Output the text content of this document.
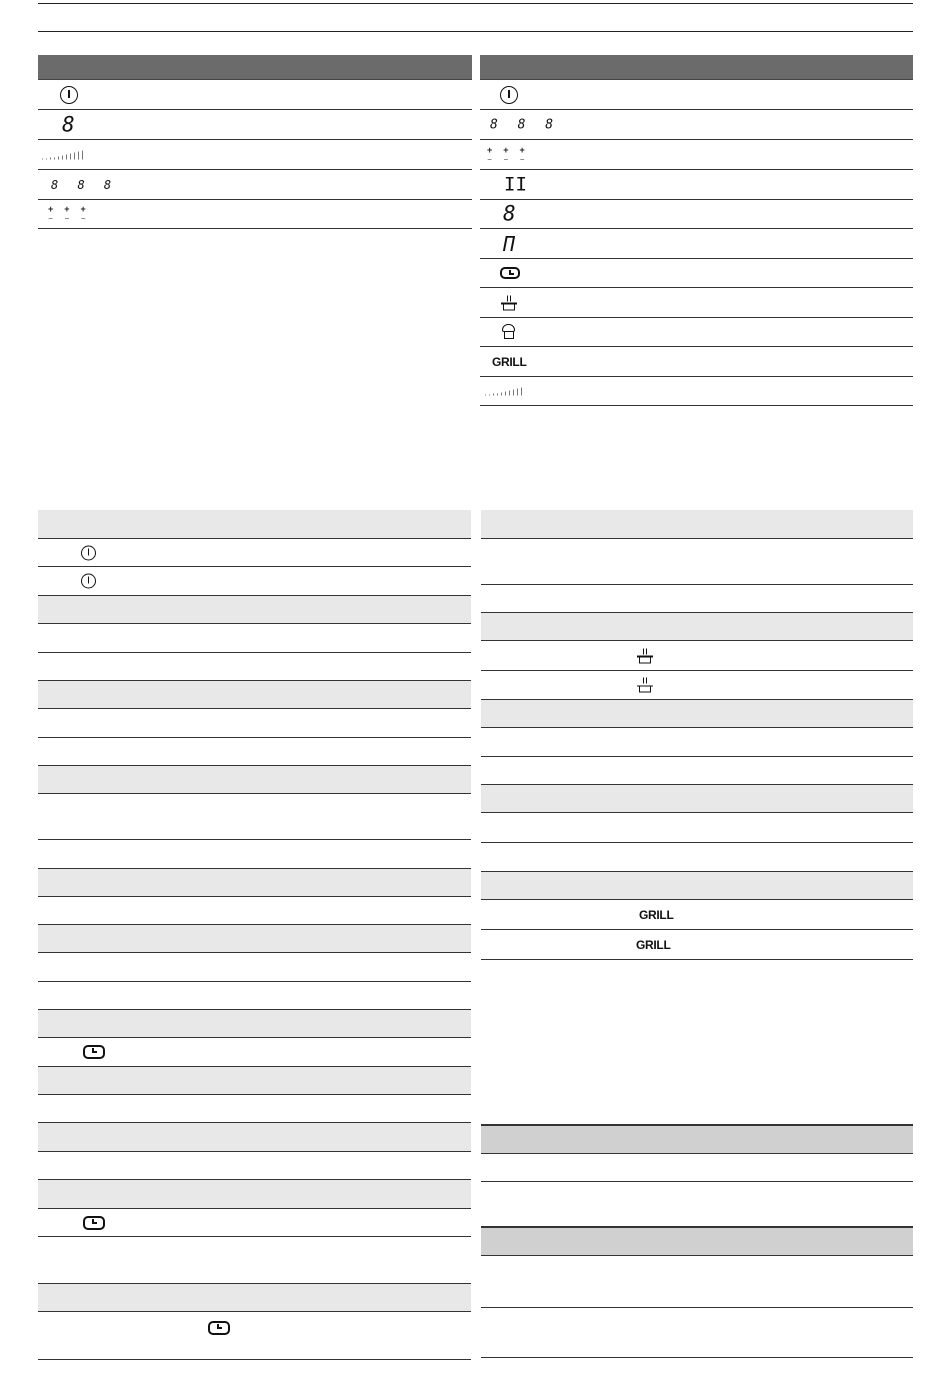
8
8 8 8
+
–
+
–
+
–
8 8 8
+
–
+
–
+
–
II
8
П
GRILL
GRILL
GRILL
